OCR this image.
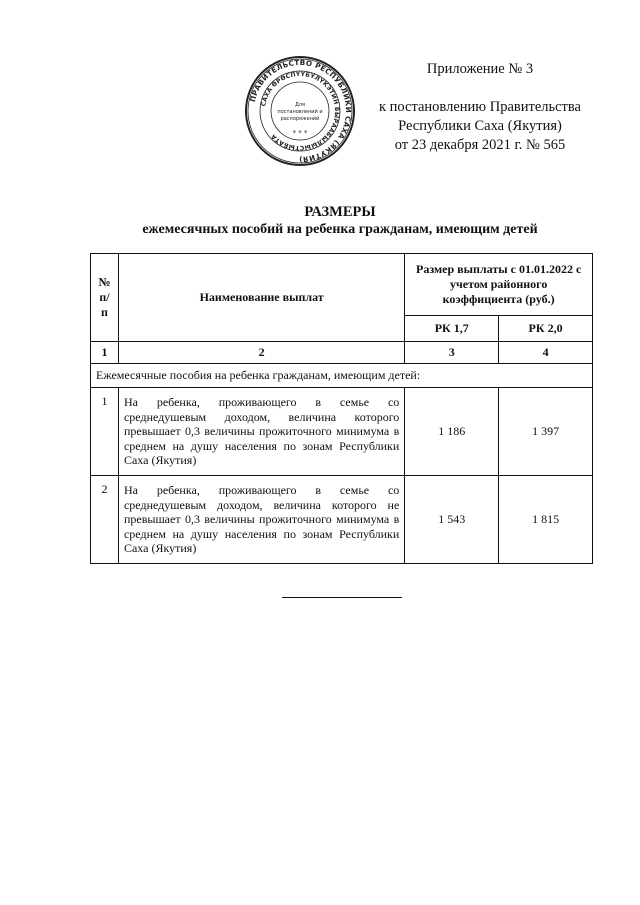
ПРАВИТЕЛЬСТВО РЕСПУБЛИКИ САХА (ЯКУТИЯ)
САХА ӨРӨСПҮҮБҮЛҮКЭТИН БЫРААБЫЛЫЫСТЫБАТА
Для
постановлений и
распоряжений
* * *
Приложение № 3
к постановлению Правительства
Республики Саха (Якутия)
от 23 декабря 2021 г. № 565
РАЗМЕРЫ
ежемесячных пособий на ребенка гражданам, имеющим детей
№ п/п	Наименование выплат	Размер выплаты с 01.01.2022 с учетом районного коэффициента (руб.)	
		РК 1,7	РК 2,0
1	2	3	4
Ежемесячные пособия на ребенка гражданам, имеющим детей:			
1	На ребенка, проживающего в семье со среднедушевым доходом, величина которого превышает 0,3 величины прожиточного минимума в среднем на душу населения по зонам Республики Саха (Якутия)	1 186	1 397
2	На ребенка, проживающего в семье со среднедушевым доходом, величина которого не превышает 0,3 величины прожиточного минимума в среднем на душу населения по зонам Республики Саха (Якутия)	1 543	1 815
